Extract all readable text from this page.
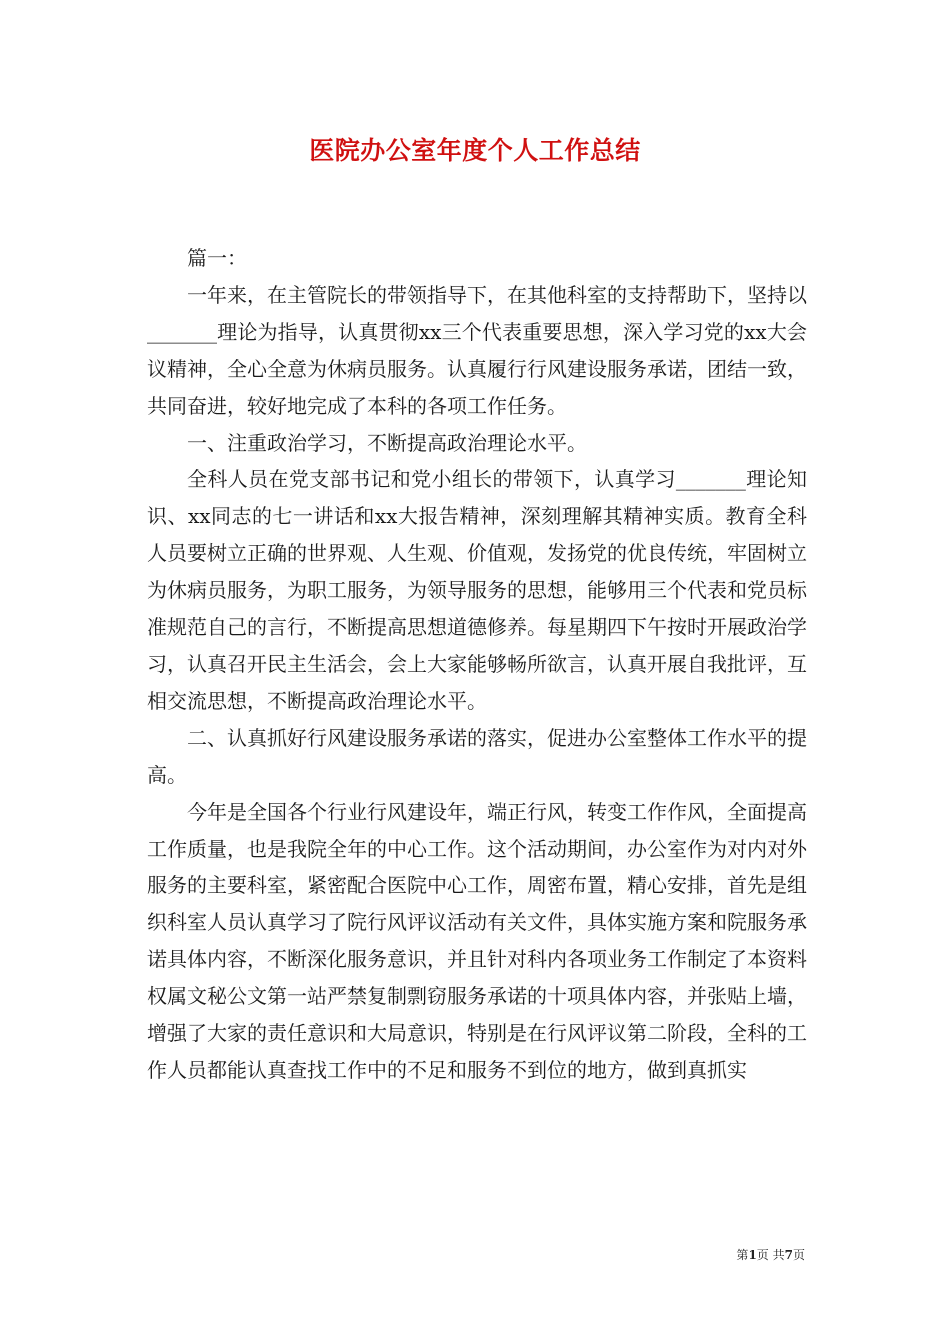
医院办公室年度个人工作总结

篇一：

一年来，在主管院长的带领指导下，在其他科室的支持帮助下，坚持以_______理论为指导，认真贯彻xx三个代表重要思想，深入学习党的xx大会议精神，全心全意为休病员服务。认真履行行风建设服务承诺，团结一致，共同奋进，较好地完成了本科的各项工作任务。

一、注重政治学习，不断提高政治理论水平。

全科人员在党支部书记和党小组长的带领下，认真学习_______理论知识、xx同志的七一讲话和xx大报告精神，深刻理解其精神实质。教育全科人员要树立正确的世界观、人生观、价值观，发扬党的优良传统，牢固树立为休病员服务，为职工服务，为领导服务的思想，能够用三个代表和党员标准规范自己的言行，不断提高思想道德修养。每星期四下午按时开展政治学习，认真召开民主生活会，会上大家能够畅所欲言，认真开展自我批评，互相交流思想，不断提高政治理论水平。

二、认真抓好行风建设服务承诺的落实，促进办公室整体工作水平的提高。

今年是全国各个行业行风建设年，端正行风，转变工作作风，全面提高工作质量，也是我院全年的中心工作。这个活动期间，办公室作为对内对外服务的主要科室，紧密配合医院中心工作，周密布置，精心安排，首先是组织科室人员认真学习了院行风评议活动有关文件，具体实施方案和院服务承诺具体内容，不断深化服务意识，并且针对科内各项业务工作制定了本资料权属文秘公文第一站严禁复制剽窃服务承诺的十项具体内容，并张贴上墙，增强了大家的责任意识和大局意识，特别是在行风评议第二阶段，全科的工作人员都能认真查找工作中的不足和服务不到位的地方，做到真抓实

第1页 共7页
